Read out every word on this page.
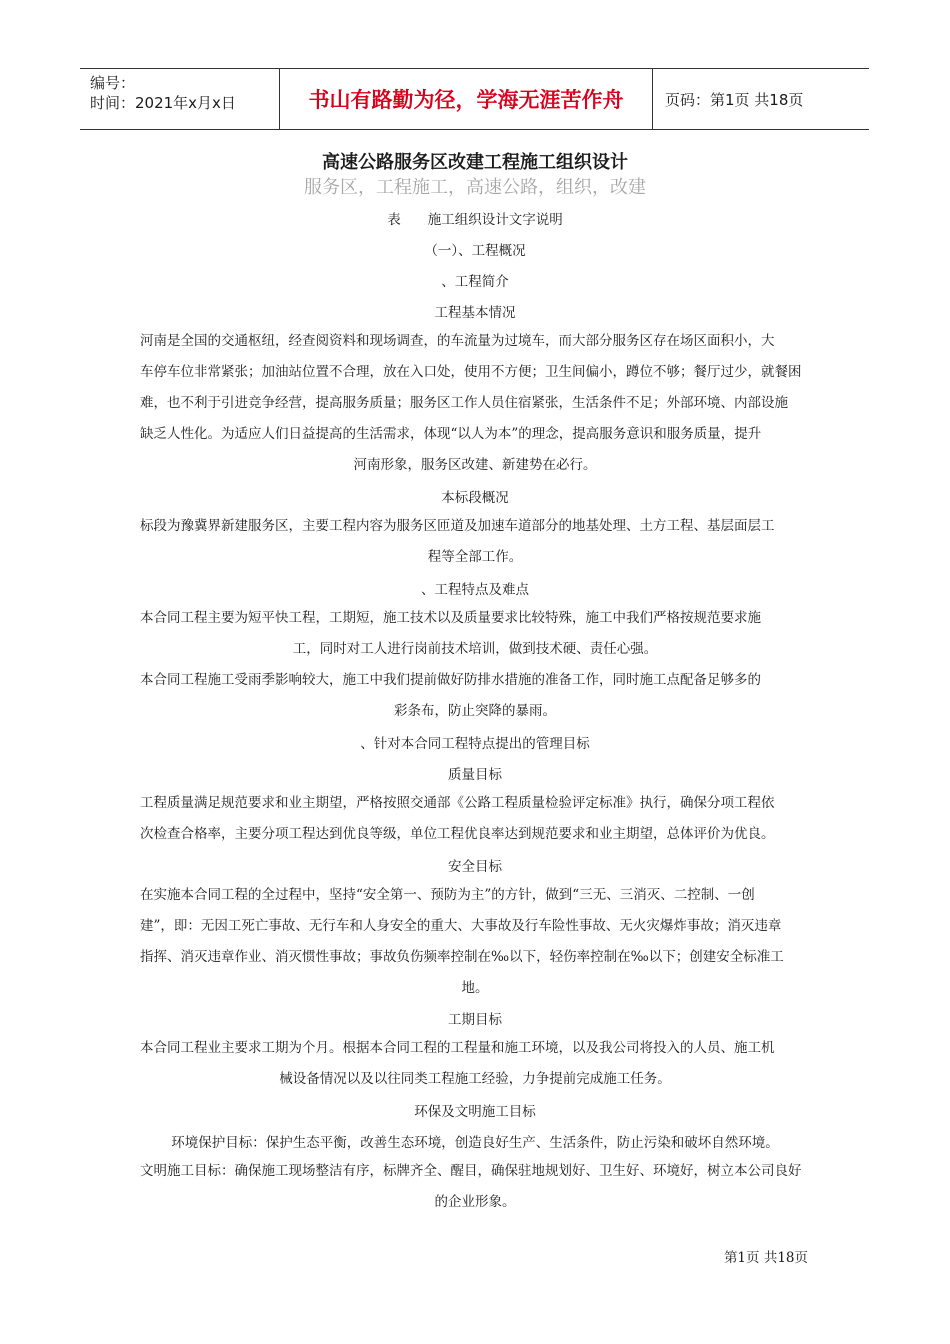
编号：
时间：2021年x月x日	书山有路勤为径，学海无涯苦作舟	页码：第1页 共18页
高速公路服务区改建工程施工组织设计
服务区，工程施工，高速公路，组织，改建
表　　施工组织设计文字说明
（一）、工程概况
、工程简介
工程基本情况
河南是全国的交通枢纽，经查阅资料和现场调查，的车流量为过境车，而大部分服务区存在场区面积小，大
车停车位非常紧张；加油站位置不合理，放在入口处，使用不方便；卫生间偏小，蹲位不够；餐厅过少，就餐困
难，也不利于引进竞争经营，提高服务质量；服务区工作人员住宿紧张，生活条件不足；外部环境、内部设施
缺乏人性化。为适应人们日益提高的生活需求，体现“以人为本”的理念，提高服务意识和服务质量，提升
河南形象，服务区改建、新建势在必行。
本标段概况
标段为豫冀界新建服务区，主要工程内容为服务区匝道及加速车道部分的地基处理、土方工程、基层面层工
程等全部工作。
、工程特点及难点
本合同工程主要为短平快工程，工期短，施工技术以及质量要求比较特殊，施工中我们严格按规范要求施
工，同时对工人进行岗前技术培训，做到技术硬、责任心强。
本合同工程施工受雨季影响较大，施工中我们提前做好防排水措施的准备工作，同时施工点配备足够多的
彩条布，防止突降的暴雨。
、针对本合同工程特点提出的管理目标
质量目标
工程质量满足规范要求和业主期望，严格按照交通部《公路工程质量检验评定标准》执行，确保分项工程依
次检查合格率，主要分项工程达到优良等级，单位工程优良率达到规范要求和业主期望，总体评价为优良。
安全目标
在实施本合同工程的全过程中，坚持“安全第一、预防为主”的方针，做到“三无、三消灭、二控制、一创
建”，即：无因工死亡事故、无行车和人身安全的重大、大事故及行车险性事故、无火灾爆炸事故；消灭违章
指挥、消灭违章作业、消灭惯性事故；事故负伤频率控制在‰以下，轻伤率控制在‰以下；创建安全标准工
地。
工期目标
本合同工程业主要求工期为个月。根据本合同工程的工程量和施工环境，以及我公司将投入的人员、施工机
械设备情况以及以往同类工程施工经验，力争提前完成施工任务。
环保及文明施工目标
环境保护目标：保护生态平衡，改善生态环境，创造良好生产、生活条件，防止污染和破坏自然环境。
文明施工目标：确保施工现场整洁有序，标牌齐全、醒目，确保驻地规划好、卫生好、环境好，树立本公司良好
的企业形象。
第1页 共18页
